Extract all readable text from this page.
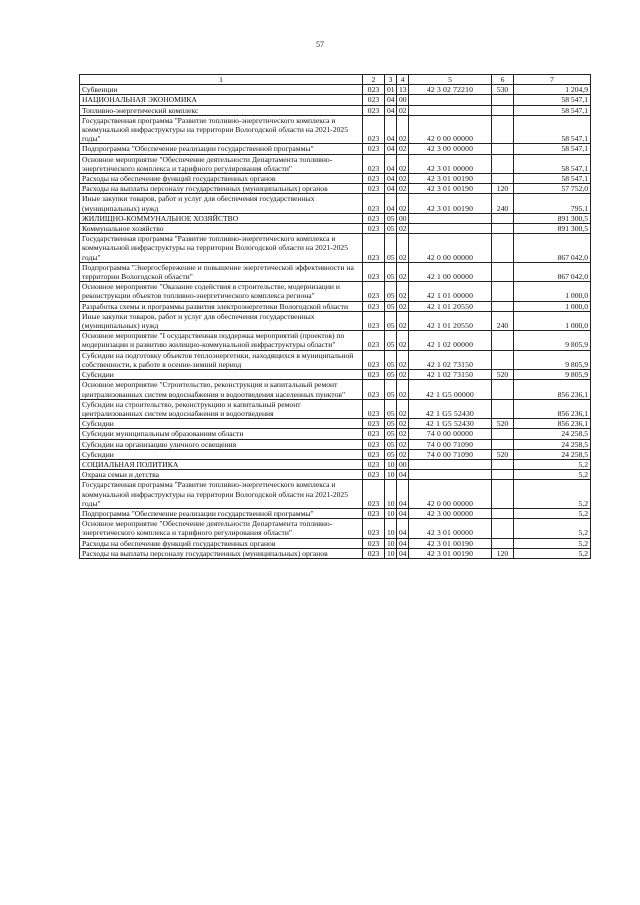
57
1	2	3	4	5	6	7
Субвенции	023	01	13	42 3 02 72210	530	1 204,9
НАЦИОНАЛЬНАЯ ЭКОНОМИКА	023	04	00			58 547,1
Топливно-энергетический комплекс	023	04	02			58 547,1
Государственная программа "Развитие топливно-энергетического комплекса и коммунальной инфраструктуры на территории Вологодской области на 2021-2025 годы"	023	04	02	42 0 00 00000		58 547,1
Подпрограмма "Обеспечение реализации государственной программы"	023	04	02	42 3 00 00000		58 547,1
Основное мероприятие "Обеспечение деятельности Департамента топливно-энергетического комплекса и тарифного регулирования области"	023	04	02	42 3 01 00000		58 547,1
Расходы на обеспечение функций государственных органов	023	04	02	42 3 01 00190		58 547,1
Расходы на выплаты персоналу государственных (муниципальных) органов	023	04	02	42 3 01 00190	120	57 752,0
Иные закупки товаров, работ и услуг для обеспечения государственных (муниципальных) нужд	023	04	02	42 3 01 00190	240	795,1
ЖИЛИЩНО-КОММУНАЛЬНОЕ ХОЗЯЙСТВО	023	05	00			891 300,5
Коммунальное хозяйство	023	05	02			891 300,5
Государственная программа "Развитие топливно-энергетического комплекса и коммунальной инфраструктуры на территории Вологодской области на 2021-2025 годы"	023	05	02	42 0 00 00000		867 042,0
Подпрограмма "Энергосбережение и повышение энергетической эффективности на территории Вологодской области"	023	05	02	42 1 00 00000		867 042,0
Основное мероприятие "Оказание содействия в строительстве, модернизации и реконструкции объектов топливно-энергетического комплекса региона"	023	05	02	42 1 01 00000		1 000,0
Разработка схемы и программы развития электроэнергетики Вологодской области	023	05	02	42 1 01 20550		1 000,0
Иные закупки товаров, работ и услуг для обеспечения государственных (муниципальных) нужд	023	05	02	42 1 01 20550	240	1 000,0
Основное мероприятие "I осударственная поддержка мероприятий (проектов) по модернизации и развитию жилищно-коммунальной инфраструктуры области"	023	05	02	42 1 02 00000		9 805,9
Субсидии на подготовку объектов теплоэнергетики, находящихся в муниципальной собственности, к работе в осенне-зимний период	023	05	02	42 1 02 73150		9 805,9
Субсидии	023	05	02	42 1 02 73150	520	9 805,9
Основное мероприятие "Строительство, реконструкция и капитальный ремонт централизованных систем водоснабжения и водоотведения населенных пунктов"	023	05	02	42 1 G5 00000		856 236,1
Субсидии на строительство, реконструкцию и капитальный ремонт централизованных систем водоснабжения и водоотведения	023	05	02	42 1 G5 52430		856 236,1
Субсидии	023	05	02	42 1 G5 52430	520	856 236,1
Субсидии муниципальным образованиям области	023	05	02	74 0 00 00000		24 258,5
Субсидии на организацию уличного освещения	023	05	02	74 0 00 71090		24 258,5
Субсидии	023	05	02	74 0 00 71090	520	24 258,5
СОЦИАЛЬНАЯ ПОЛИТИКА	023	10	00			5,2
Охрана семьи и детства	023	10	04			5,2
Государственная программа "Развитие топливно-энергетического комплекса и коммунальной инфраструктуры на территории Вологодской области на 2021-2025 годы"	023	10	04	42 0 00 00000		5,2
Подпрограмма "Обеспечение реализации государственной программы"	023	10	04	42 3 00 00000		5,2
Основное мероприятие "Обеспечение деятельности Департамента топливно-энергетического комплекса и тарифного регулирования области"	023	10	04	42 3 01 00000		5,2
Расходы на обеспечение функций государственных органов	023	10	04	42 3 01 00190		5,2
Расходы на выплаты персоналу государственных (муниципальных) органов	023	10	04	42 3 01 00190	120	5,2
